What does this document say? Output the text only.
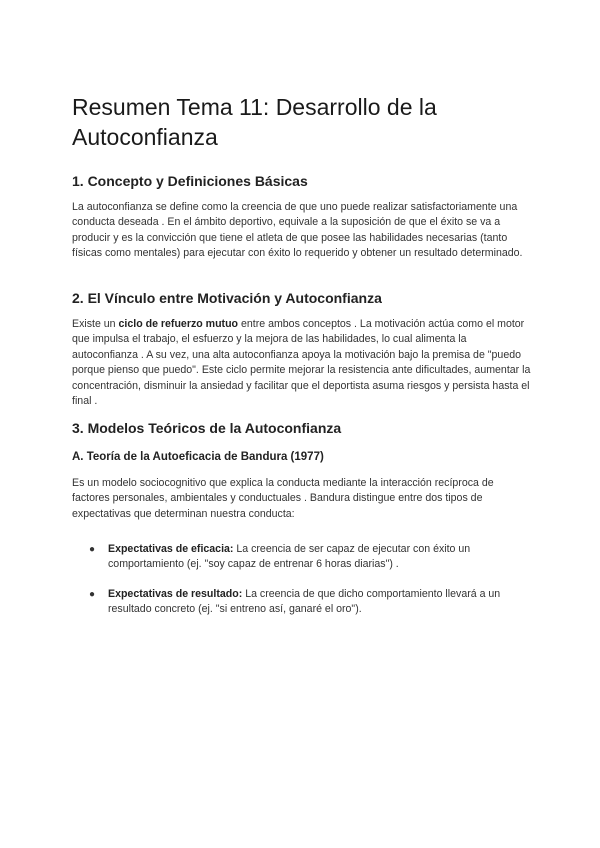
Resumen Tema 11: Desarrollo de la Autoconfianza
1. Concepto y Definiciones Básicas

La autoconfianza se define como la creencia de que uno puede realizar satisfactoriamente una conducta deseada . En el ámbito deportivo, equivale a la suposición de que el éxito se va a producir y es la convicción que tiene el atleta de que posee las habilidades necesarias (tanto físicas como mentales) para ejecutar con éxito lo requerido y obtener un resultado determinado.

2. El Vínculo entre Motivación y Autoconfianza

Existe un ciclo de refuerzo mutuo entre ambos conceptos . La motivación actúa como el motor que impulsa el trabajo, el esfuerzo y la mejora de las habilidades, lo cual alimenta la autoconfianza . A su vez, una alta autoconfianza apoya la motivación bajo la premisa de "puedo porque pienso que puedo". Este ciclo permite mejorar la resistencia ante dificultades, aumentar la concentración, disminuir la ansiedad y facilitar que el deportista asuma riesgos y persista hasta el final .

3. Modelos Teóricos de la Autoconfianza
A. Teoría de la Autoeficacia de Bandura (1977)

Es un modelo sociocognitivo que explica la conducta mediante la interacción recíproca de factores personales, ambientales y conductuales . Bandura distingue entre dos tipos de expectativas que determinan nuestra conducta:

● Expectativas de eficacia: La creencia de ser capaz de ejecutar con éxito un comportamiento (ej. "soy capaz de entrenar 6 horas diarias") .
● Expectativas de resultado: La creencia de que dicho comportamiento llevará a un resultado concreto (ej. "si entreno así, ganaré el oro").
